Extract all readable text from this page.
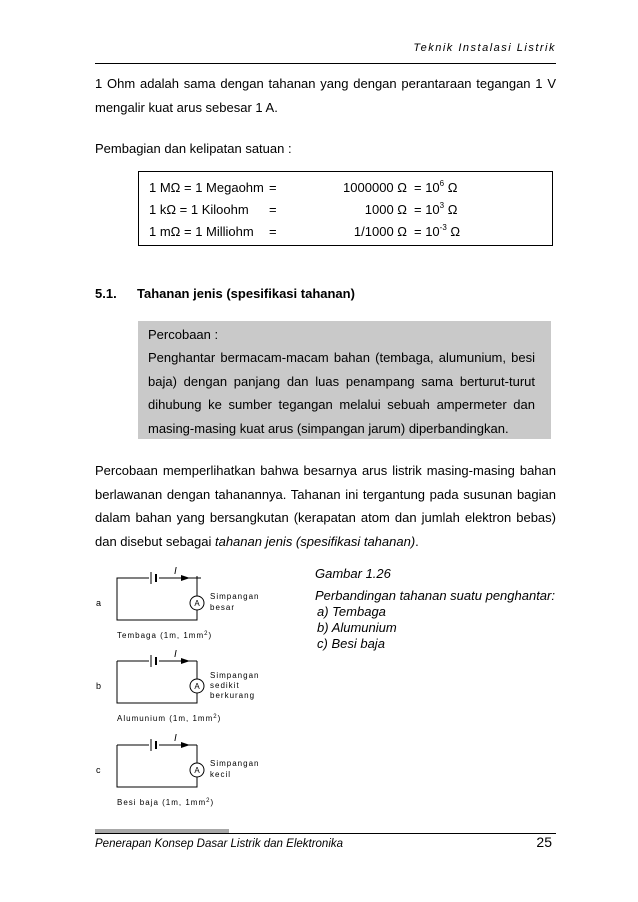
Teknik Instalasi Listrik
1 Ohm adalah sama dengan tahanan yang dengan perantaraan tegangan 1 V mengalir kuat arus sebesar 1 A.
Pembagian dan kelipatan satuan :
1 MΩ = 1 Megaohm =	1000000 $\Omega = 10^6$ Ω
1 kΩ = 1 Kiloohm =	1000 $\Omega = 10^3$ Ω
1 mΩ = 1 Milliohm =	1/1000 $\Omega = 10^{-3}$ Ω
5.1. Tahanan jenis (spesifikasi tahanan)
Percobaan :
Penghantar bermacam-macam bahan (tembaga, alumunium, besi baja) dengan panjang dan luas penampang sama berturut-turut dihubung ke sumber tegangan melalui sebuah ampermeter dan masing-masing kuat arus (simpangan jarum) diperbandingkan.
Percobaan memperlihatkan bahwa besarnya arus listrik masing-masing bahan berlawanan dengan tahanannya. Tahanan ini tergantung pada susunan bagian dalam bahan yang bersangkutan (kerapatan atom dan jumlah elektron bebas) dan disebut sebagai tahanan jenis (spesifikasi tahanan).
I
A
a
Simpangan
besar
Tembaga (1m, $1mm^2$)
I
A
b
Simpangan
sedikit
berkurang
Alumunium (1m, $1mm^2$)
I
A
c
Simpangan
kecil
Besi baja (1m, $1mm^2$)
Gambar 1.26
Perbandingan tahanan suatu penghantar:
a) Tembaga
b) Alumunium
c) Besi baja
Penerapan Konsep Dasar Listrik dan Elektronika	25
